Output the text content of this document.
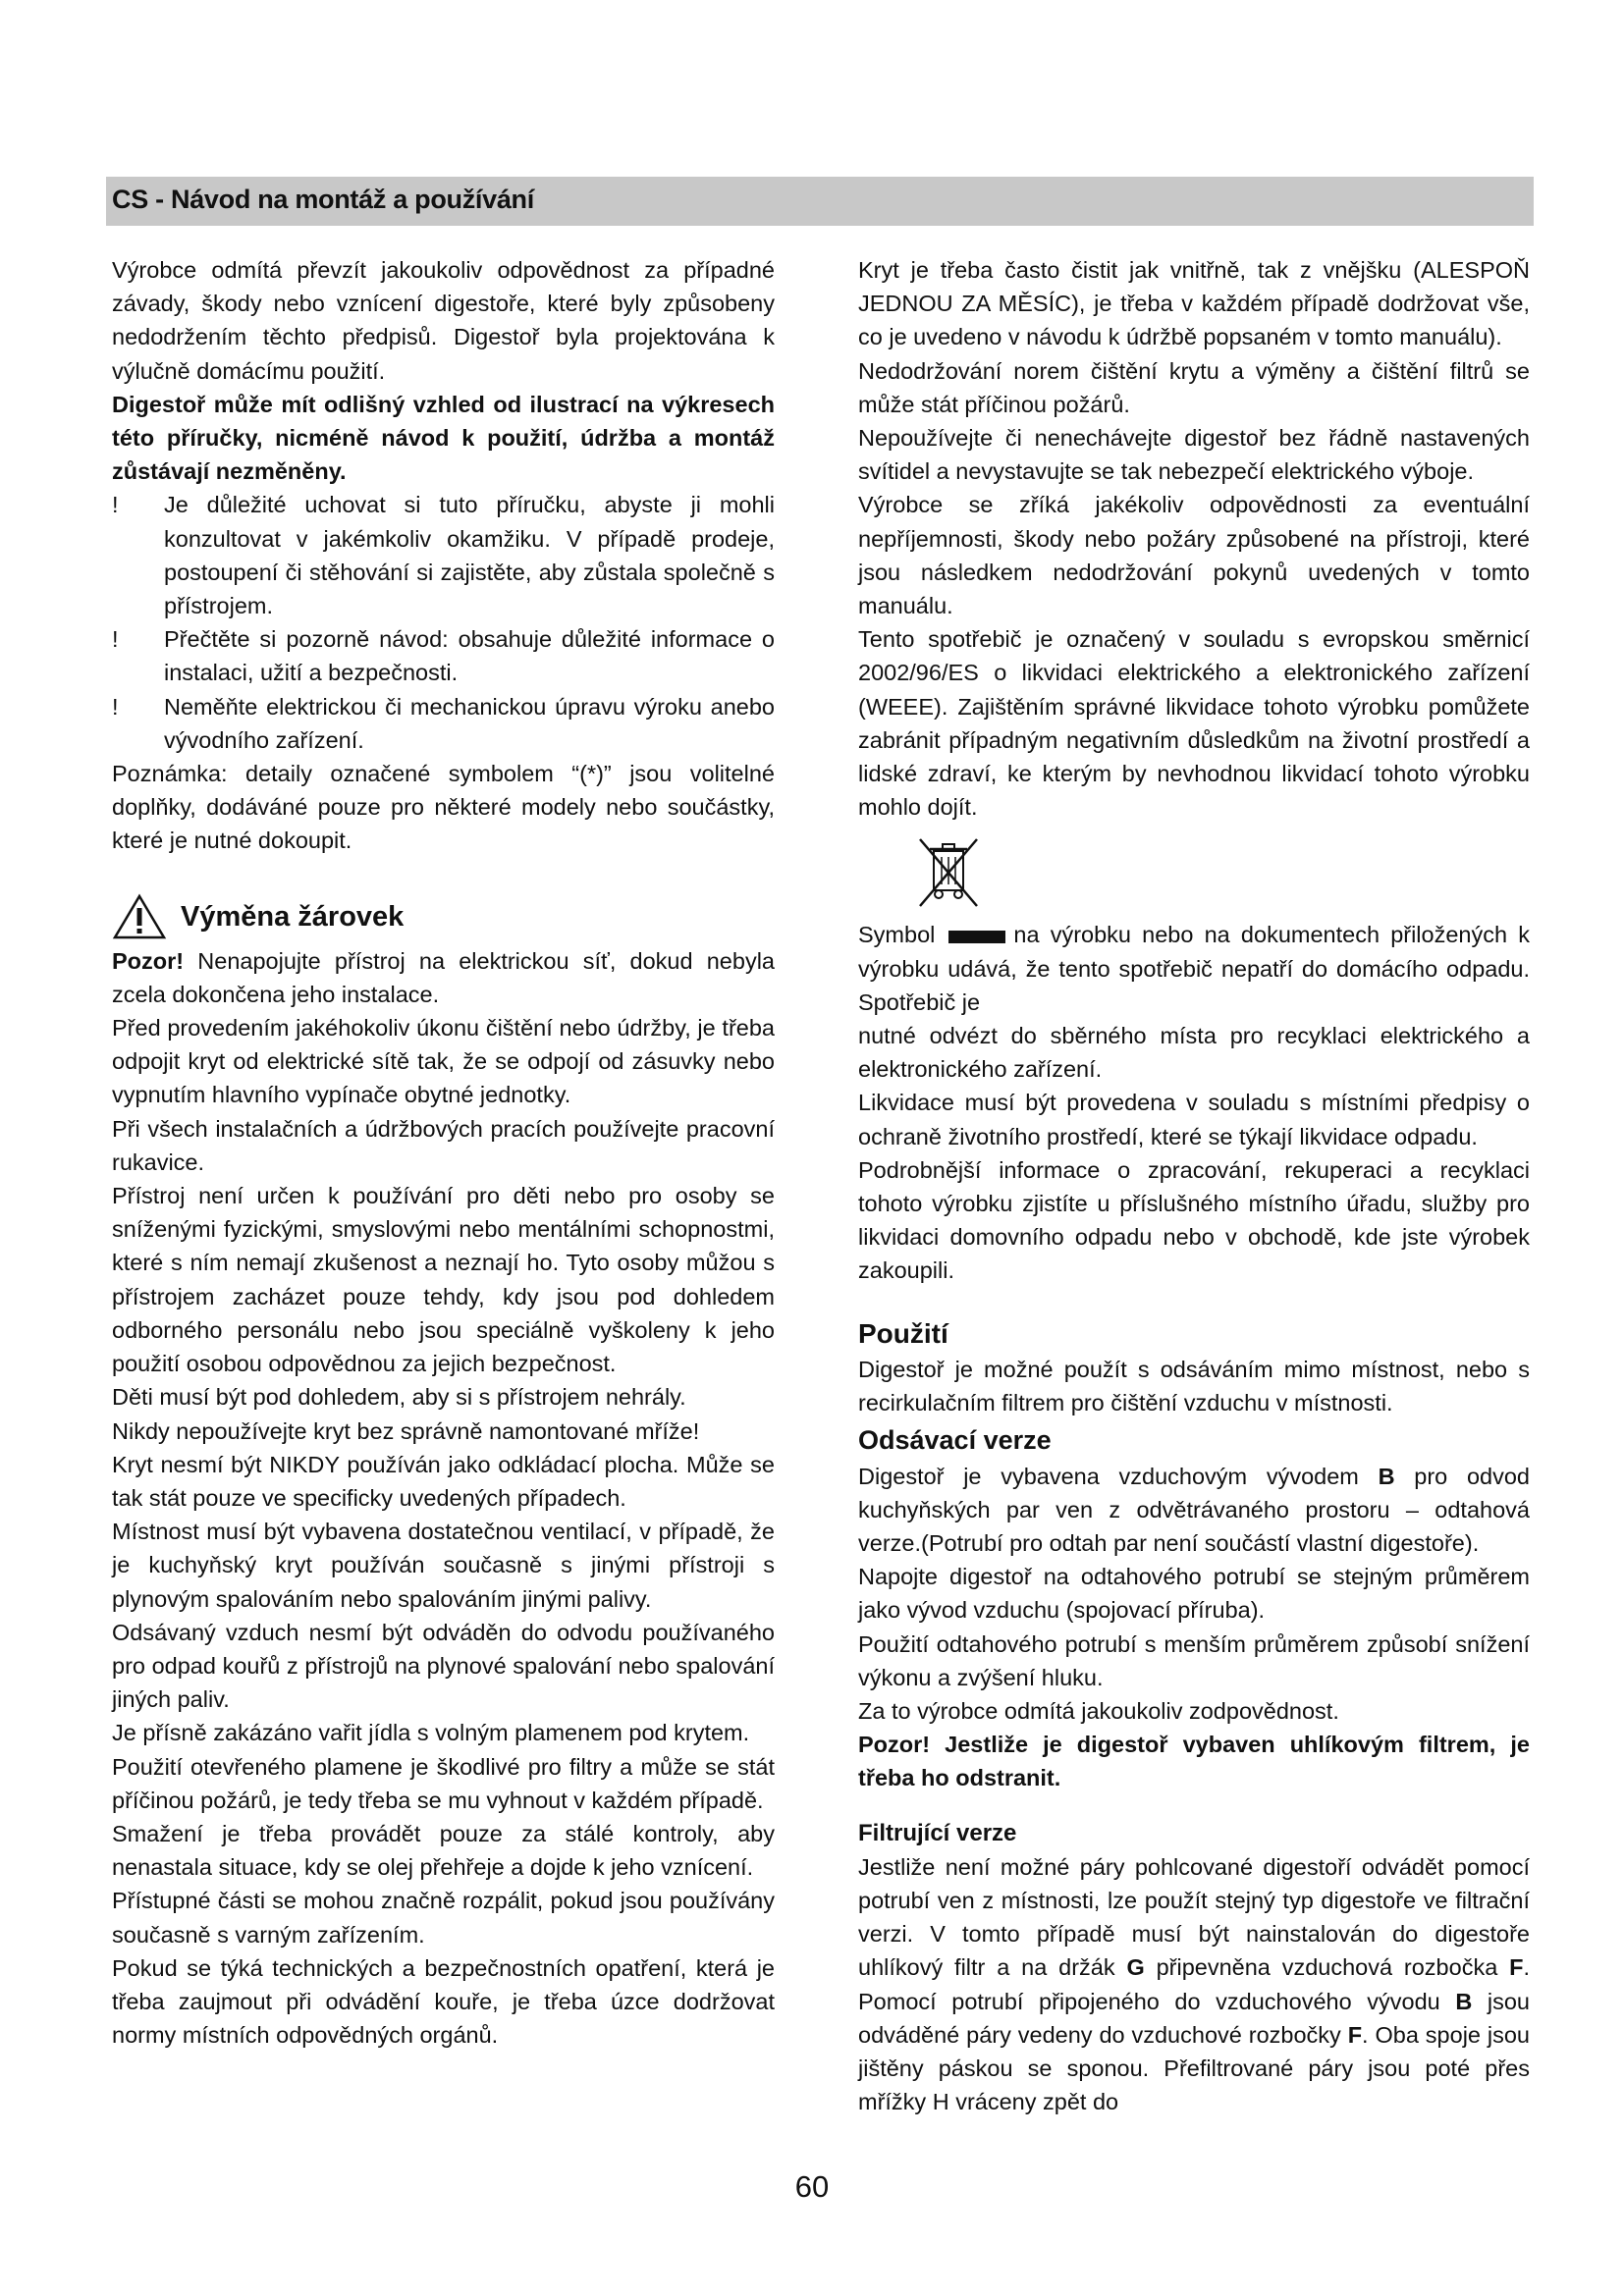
CS - Návod na montáž a používání

Výrobce odmítá převzít jakoukoliv odpovědnost za případné závady, škody nebo vznícení digestoře, které byly způsobeny nedodržením těchto předpisů. Digestoř byla projektována k výlučně domácímu použití.

Digestoř může mít odlišný vzhled od ilustrací na výkresech této příručky, nicméně návod k použití, údržba a montáž zůstávají nezměněny.

! Je důležité uchovat si tuto příručku, abyste ji mohli konzultovat v jakémkoliv okamžiku. V případě prodeje, postoupení či stěhování si zajistěte, aby zůstala společně s přístrojem.
! Přečtěte si pozorně návod: obsahuje důležité informace o instalaci, užití a bezpečnosti.
! Neměňte elektrickou či mechanickou úpravu výroku anebo vývodního zařízení.

Poznámka: detaily označené symbolem “(*)” jsou volitelné doplňky, dodáváné pouze pro některé modely nebo součástky, které je nutné dokoupit.

Výměna žárovek

Pozor! Nenapojujte přístroj na elektrickou síť, dokud nebyla zcela dokončena jeho instalace.

Před provedením jakéhokoliv úkonu čištění nebo údržby, je třeba odpojit kryt od elektrické sítě tak, že se odpojí od zásuvky nebo vypnutím hlavního vypínače obytné jednotky.

Při všech instalačních a údržbových pracích používejte pracovní rukavice.

Přístroj není určen k používání pro děti nebo pro osoby se sníženými fyzickými, smyslovými nebo mentálními schopnostmi, které s ním nemají zkušenost a neznají ho. Tyto osoby můžou s přístrojem zacházet pouze tehdy, kdy jsou pod dohledem odborného personálu nebo jsou speciálně vyškoleny k jeho použití osobou odpovědnou za jejich bezpečnost.

Děti musí být pod dohledem, aby si s přístrojem nehrály.

Nikdy nepoužívejte kryt bez správně namontované mříže!

Kryt nesmí být NIKDY používán jako odkládací plocha. Může se tak stát pouze ve specificky uvedených případech.

Místnost musí být vybavena dostatečnou ventilací, v případě, že je kuchyňský kryt používán současně s jinými přístroji s plynovým spalováním nebo spalováním jinými palivy.

Odsávaný vzduch nesmí být odváděn do odvodu používaného pro odpad kouřů z přístrojů na plynové spalování nebo spalování jiných paliv.

Je přísně zakázáno vařit jídla s volným plamenem pod krytem.

Použití otevřeného plamene je škodlivé pro filtry a může se stát příčinou požárů, je tedy třeba se mu vyhnout v každém případě.

Smažení je třeba provádět pouze za stálé kontroly, aby nenastala situace, kdy se olej přehřeje a dojde k jeho vznícení.

Přístupné části se mohou značně rozpálit, pokud jsou používány současně s varným zařízením.

Pokud se týká technických a bezpečnostních opatření, která je třeba zaujmout při odvádění kouře, je třeba úzce dodržovat normy místních odpovědných orgánů.

Kryt je třeba často čistit jak vnitřně, tak z vnějšku (ALESPOŇ JEDNOU ZA MĚSÍC), je třeba v každém případě dodržovat vše, co je uvedeno v návodu k údržbě popsaném v tomto manuálu).

Nedodržování norem čištění krytu a výměny a čištění filtrů se může stát příčinou požárů.

Nepoužívejte či nenechávejte digestoř bez řádně nastavených svítidel a nevystavujte se tak nebezpečí elektrického výboje.

Výrobce se zříká jakékoliv odpovědnosti za eventuální nepříjemnosti, škody nebo požáry způsobené na přístroji, které jsou následkem nedodržování pokynů uvedených v tomto manuálu.

Tento spotřebič je označený v souladu s evropskou směrnicí 2002/96/ES o likvidaci elektrického a elektronického zařízení (WEEE). Zajištěním správné likvidace tohoto výrobku pomůžete zabránit případným negativním důsledkům na životní prostředí a lidské zdraví, ke kterým by nevhodnou likvidací tohoto výrobku mohlo dojít.

Symbol	na výrobku nebo na dokumentech přiložených k výrobku udává, že tento spotřebič nepatří do domácího odpadu. Spotřebič je

nutné odvézt do sběrného místa pro recyklaci elektrického a elektronického zařízení.

Likvidace musí být provedena v souladu s místními předpisy o ochraně životního prostředí, které se týkají likvidace odpadu.

Podrobnější informace o zpracování, rekuperaci a recyklaci tohoto výrobku zjistíte u příslušného místního úřadu, služby pro likvidaci domovního odpadu nebo v obchodě, kde jste výrobek zakoupili.

Použití

Digestoř je možné použít s odsáváním mimo místnost, nebo s recirkulačním filtrem pro čištění vzduchu v místnosti.

Odsávací verze

Digestoř je vybavena vzduchovým vývodem B pro odvod kuchyňských par ven z odvětrávaného prostoru – odtahová verze.(Potrubí pro odtah par není součástí vlastní digestoře).

Napojte digestoř na odtahového potrubí se stejným průměrem jako vývod vzduchu (spojovací příruba).

Použití odtahového potrubí s menším průměrem způsobí snížení výkonu a zvýšení hluku.

Za to výrobce odmítá jakoukoliv zodpovědnost.

Pozor! Jestliže je digestoř vybaven uhlíkovým filtrem, je třeba ho odstranit.

Filtrující verze

Jestliže není možné páry pohlcované digestoří odvádět pomocí potrubí ven z místnosti, lze použít stejný typ digestoře ve filtrační verzi. V tomto případě musí být nainstalován do digestoře uhlíkový filtr a na držák G připevněna vzduchová rozbočka F. Pomocí potrubí připojeného do vzduchového vývodu B jsou odváděné páry vedeny do vzduchové rozbočky F. Oba spoje jsou jištěny páskou se sponou. Přefiltrované páry jsou poté přes mřížky H vráceny zpět do

60
